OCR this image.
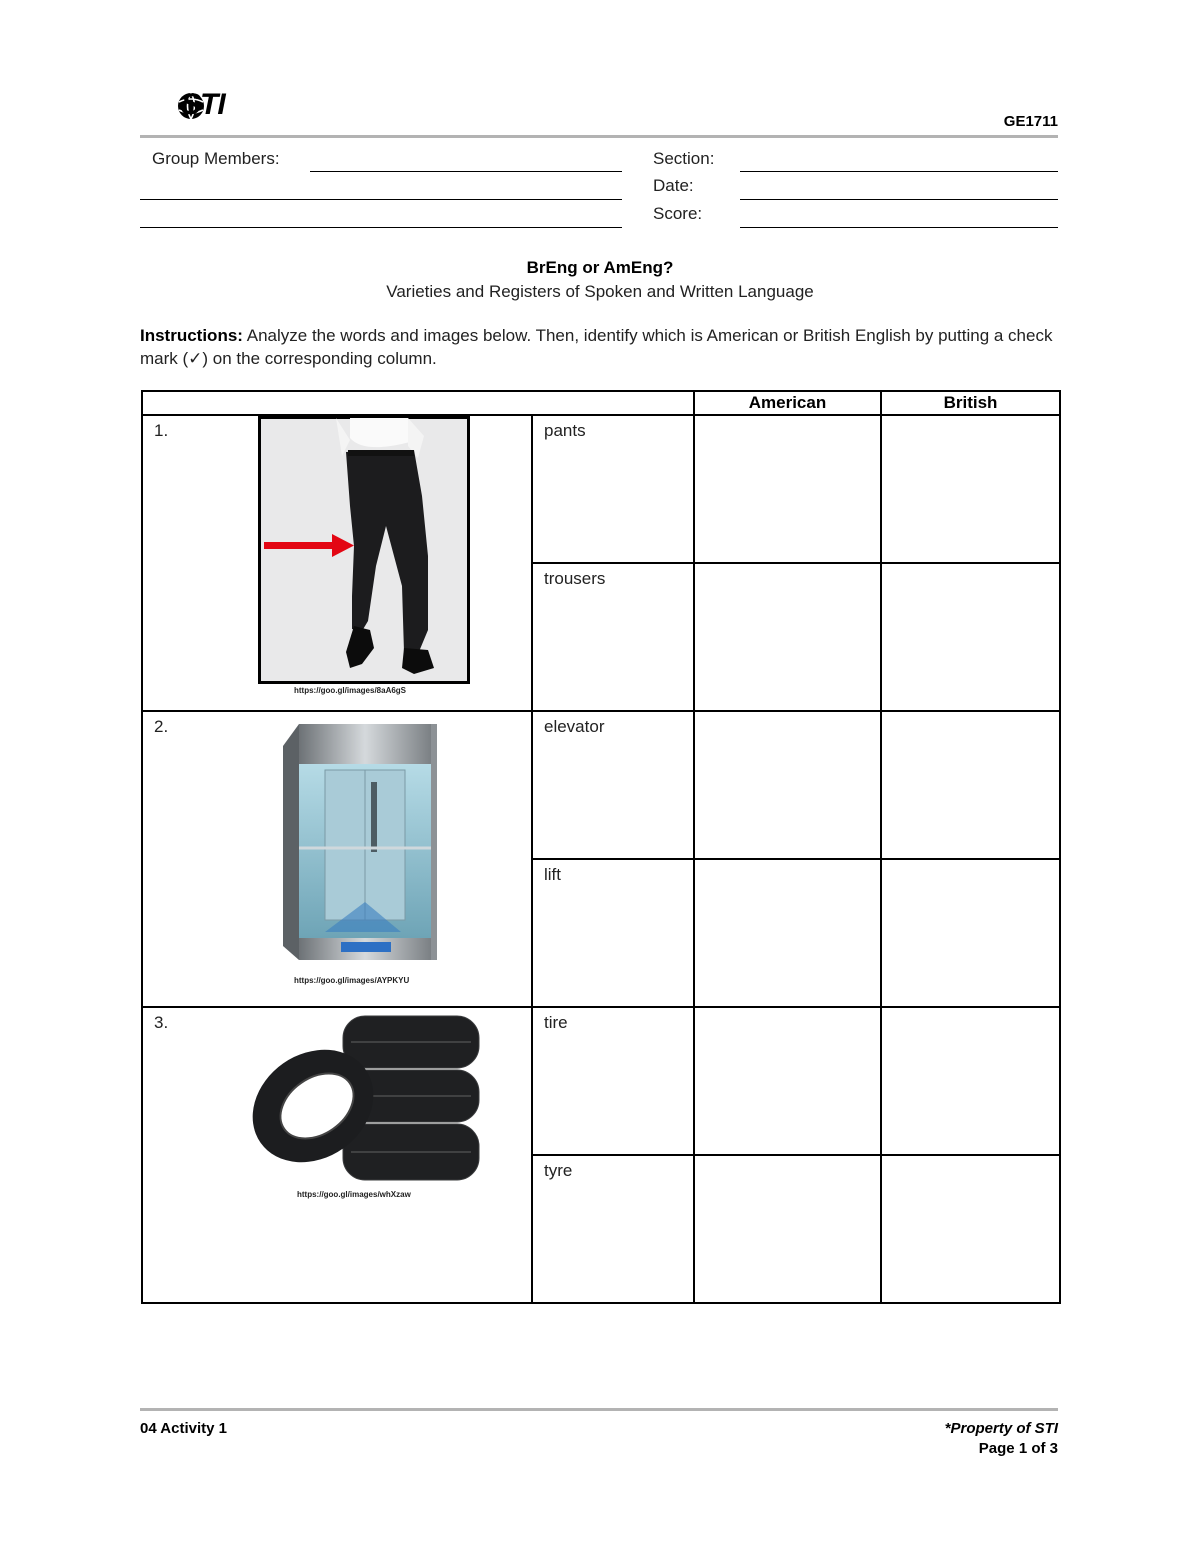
STI
GE1711
Group Members:	Section:
Date:
Score:
BrEng or AmEng?
Varieties and Registers of Spoken and Written Language
Instructions: Analyze the words and images below. Then, identify which is American or British English by putting a check mark (✓) on the corresponding column.
		American	British

1.
https://goo.gl/images/8aA6gS	pants		

	trousers		

2.
https://goo.gl/images/AYPKYU	elevator		

	lift		

3.
https://goo.gl/images/whXzaw	tire		

	tyre		

04 Activity 1	*Property of STI
Page 1 of 3
